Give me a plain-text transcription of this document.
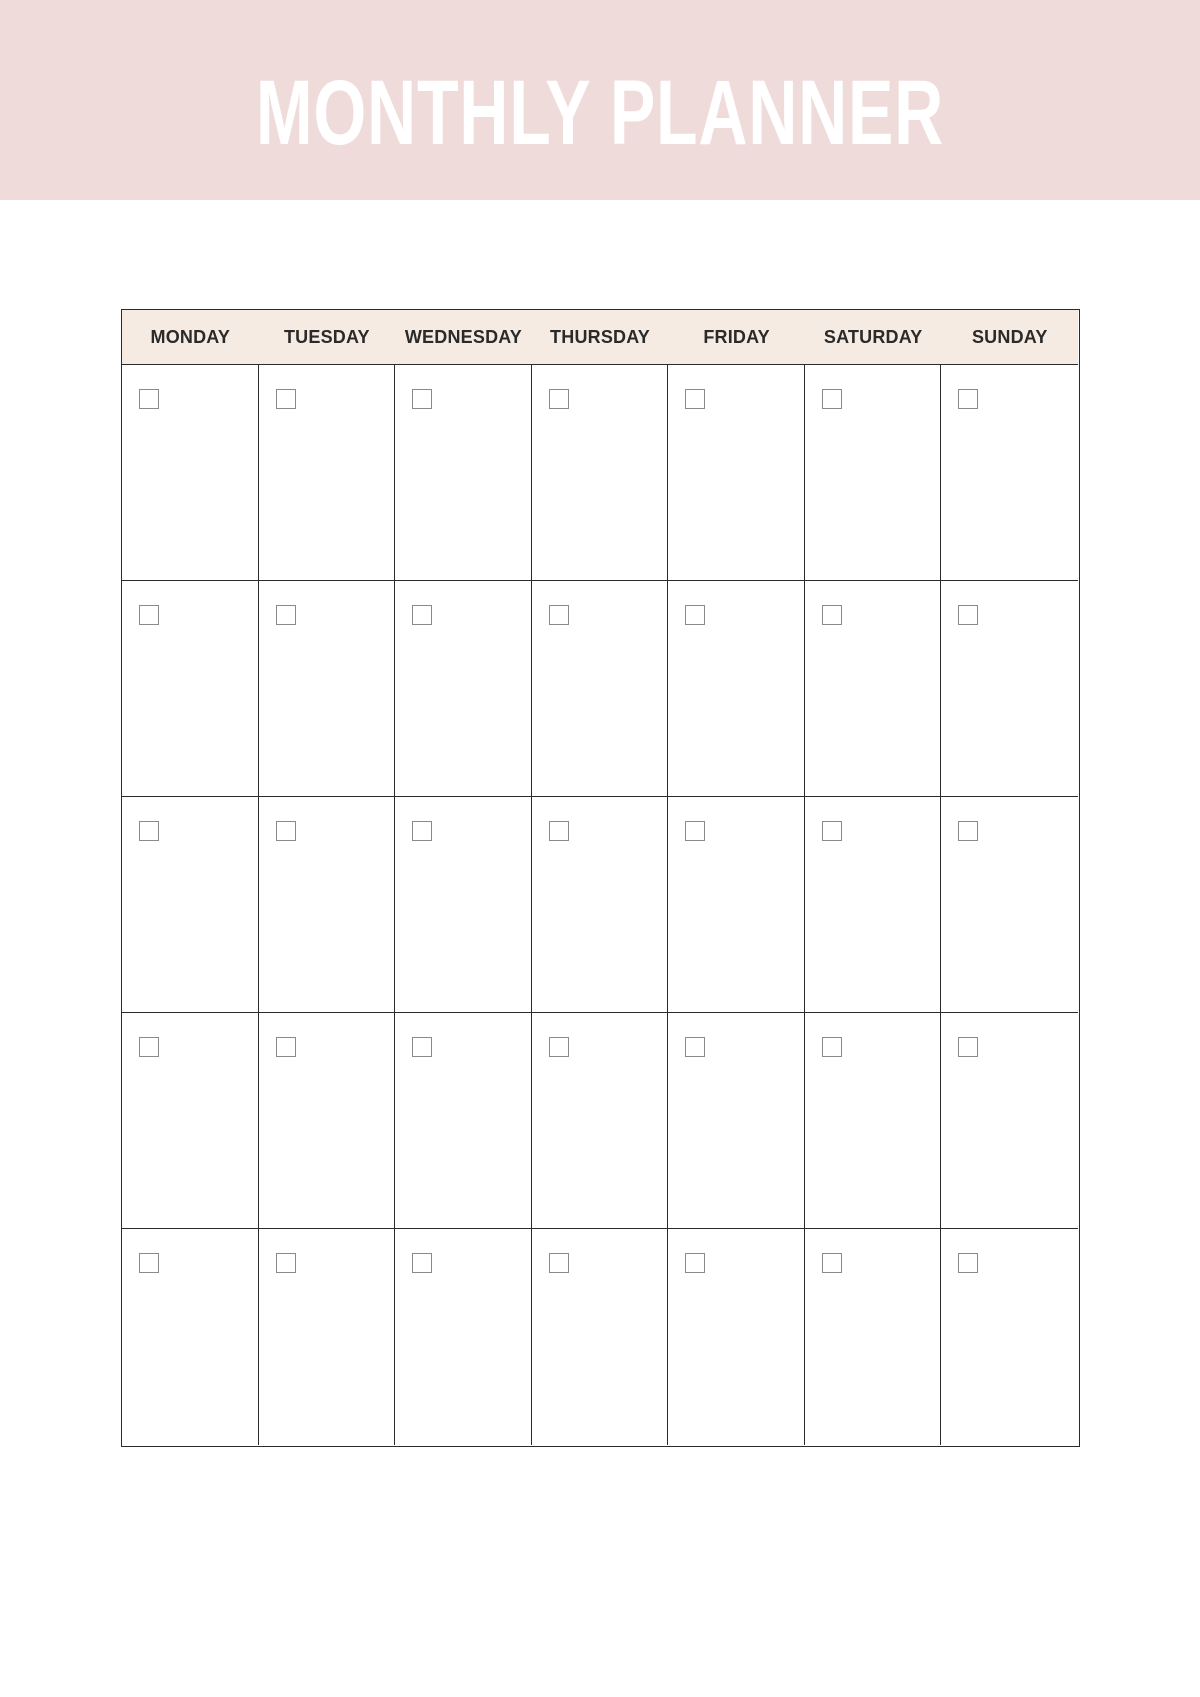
MONTHLY PLANNER
MONDAY	TUESDAY	WEDNESDAY	THURSDAY	FRIDAY	SATURDAY	SUNDAY
